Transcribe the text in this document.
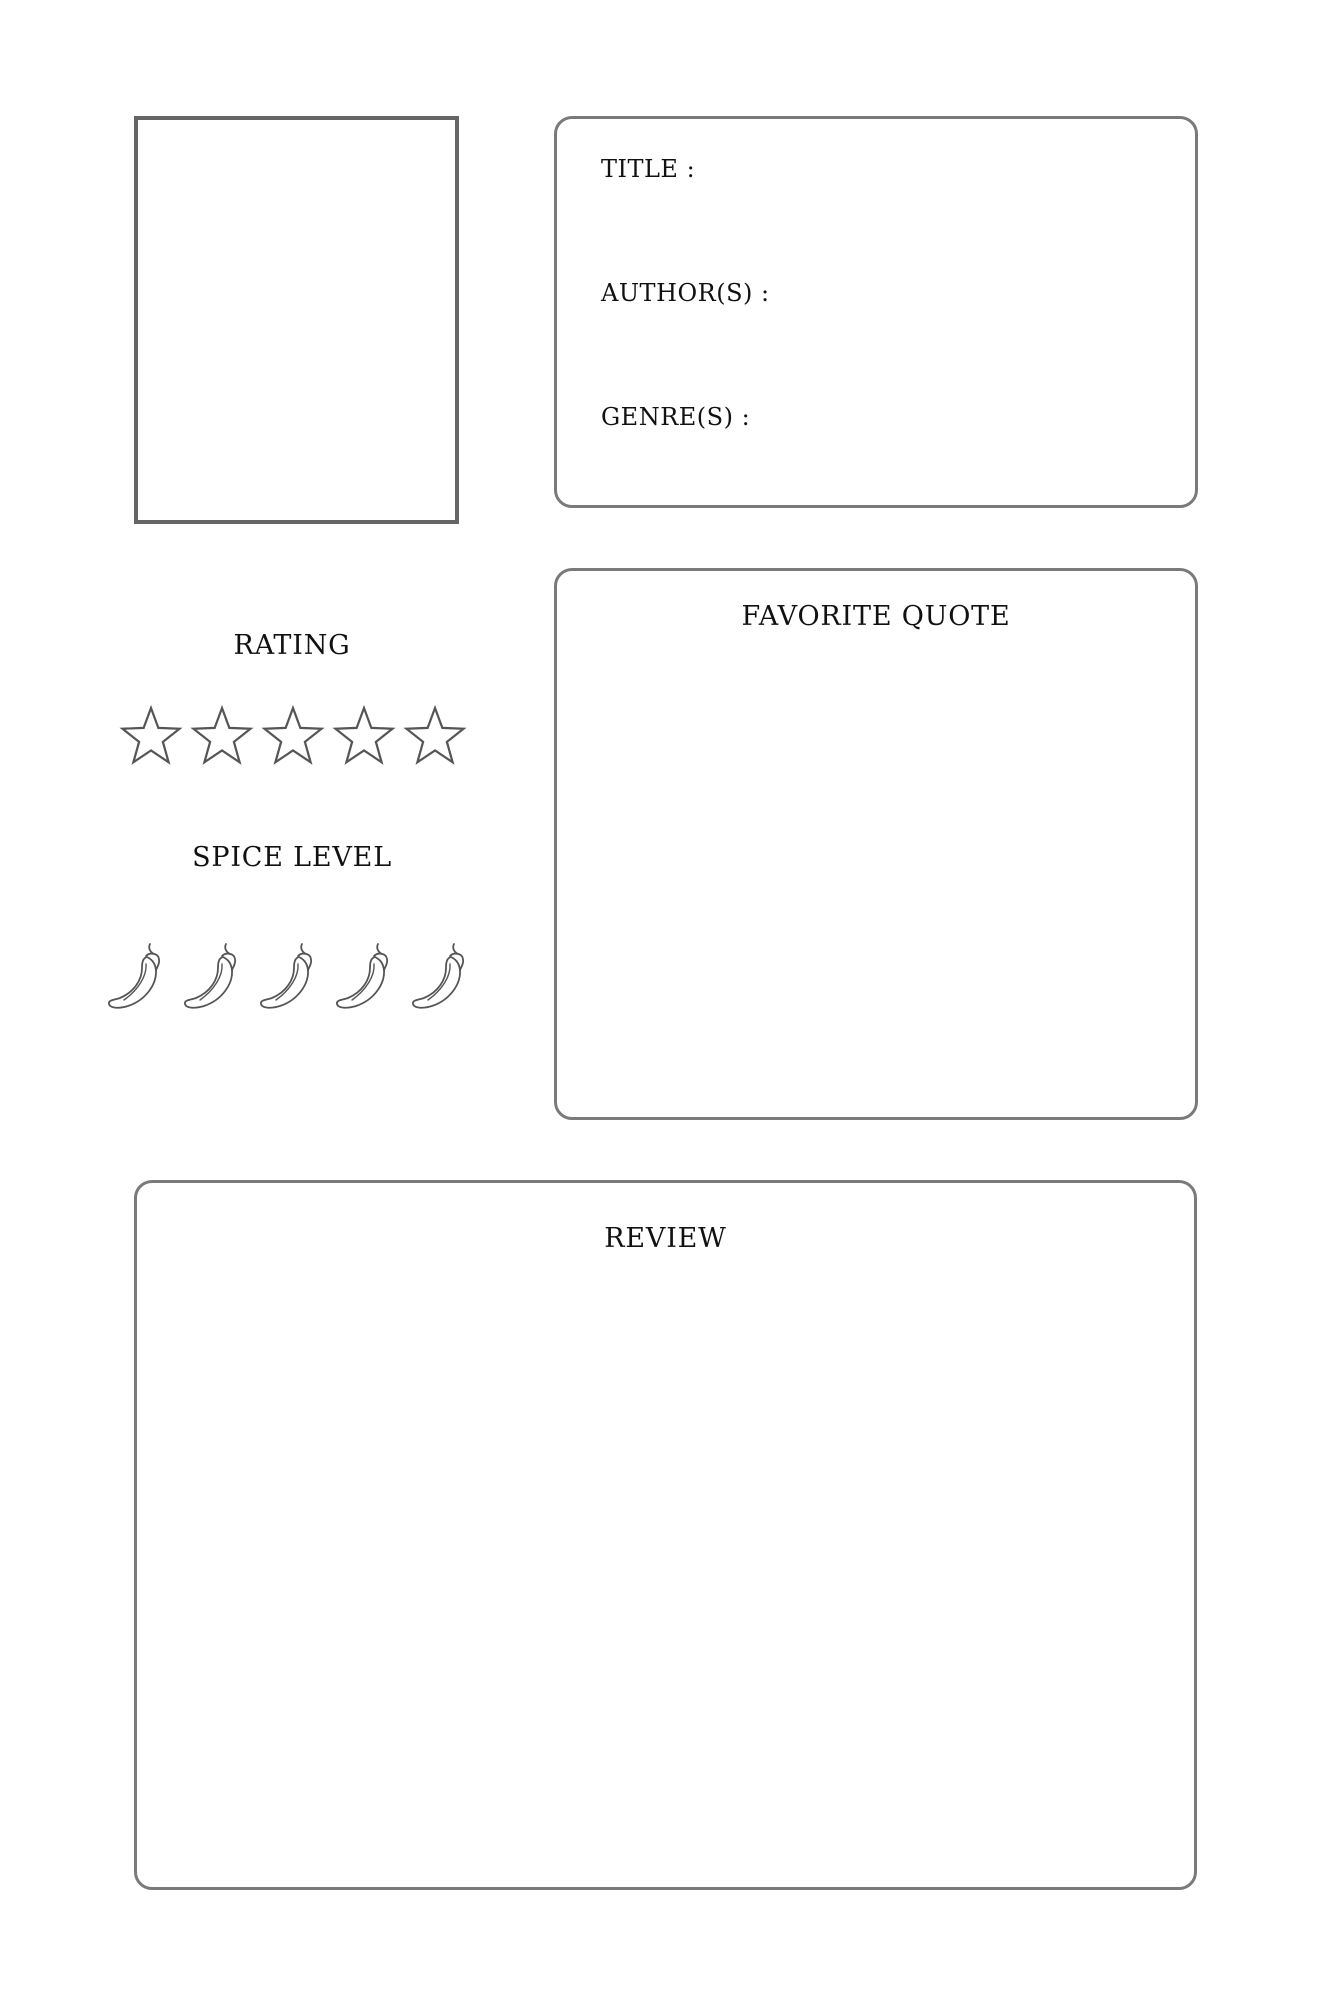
TITLE :
AUTHOR(S) :
GENRE(S) :
RATING
SPICE LEVEL
FAVORITE QUOTE
REVIEW
